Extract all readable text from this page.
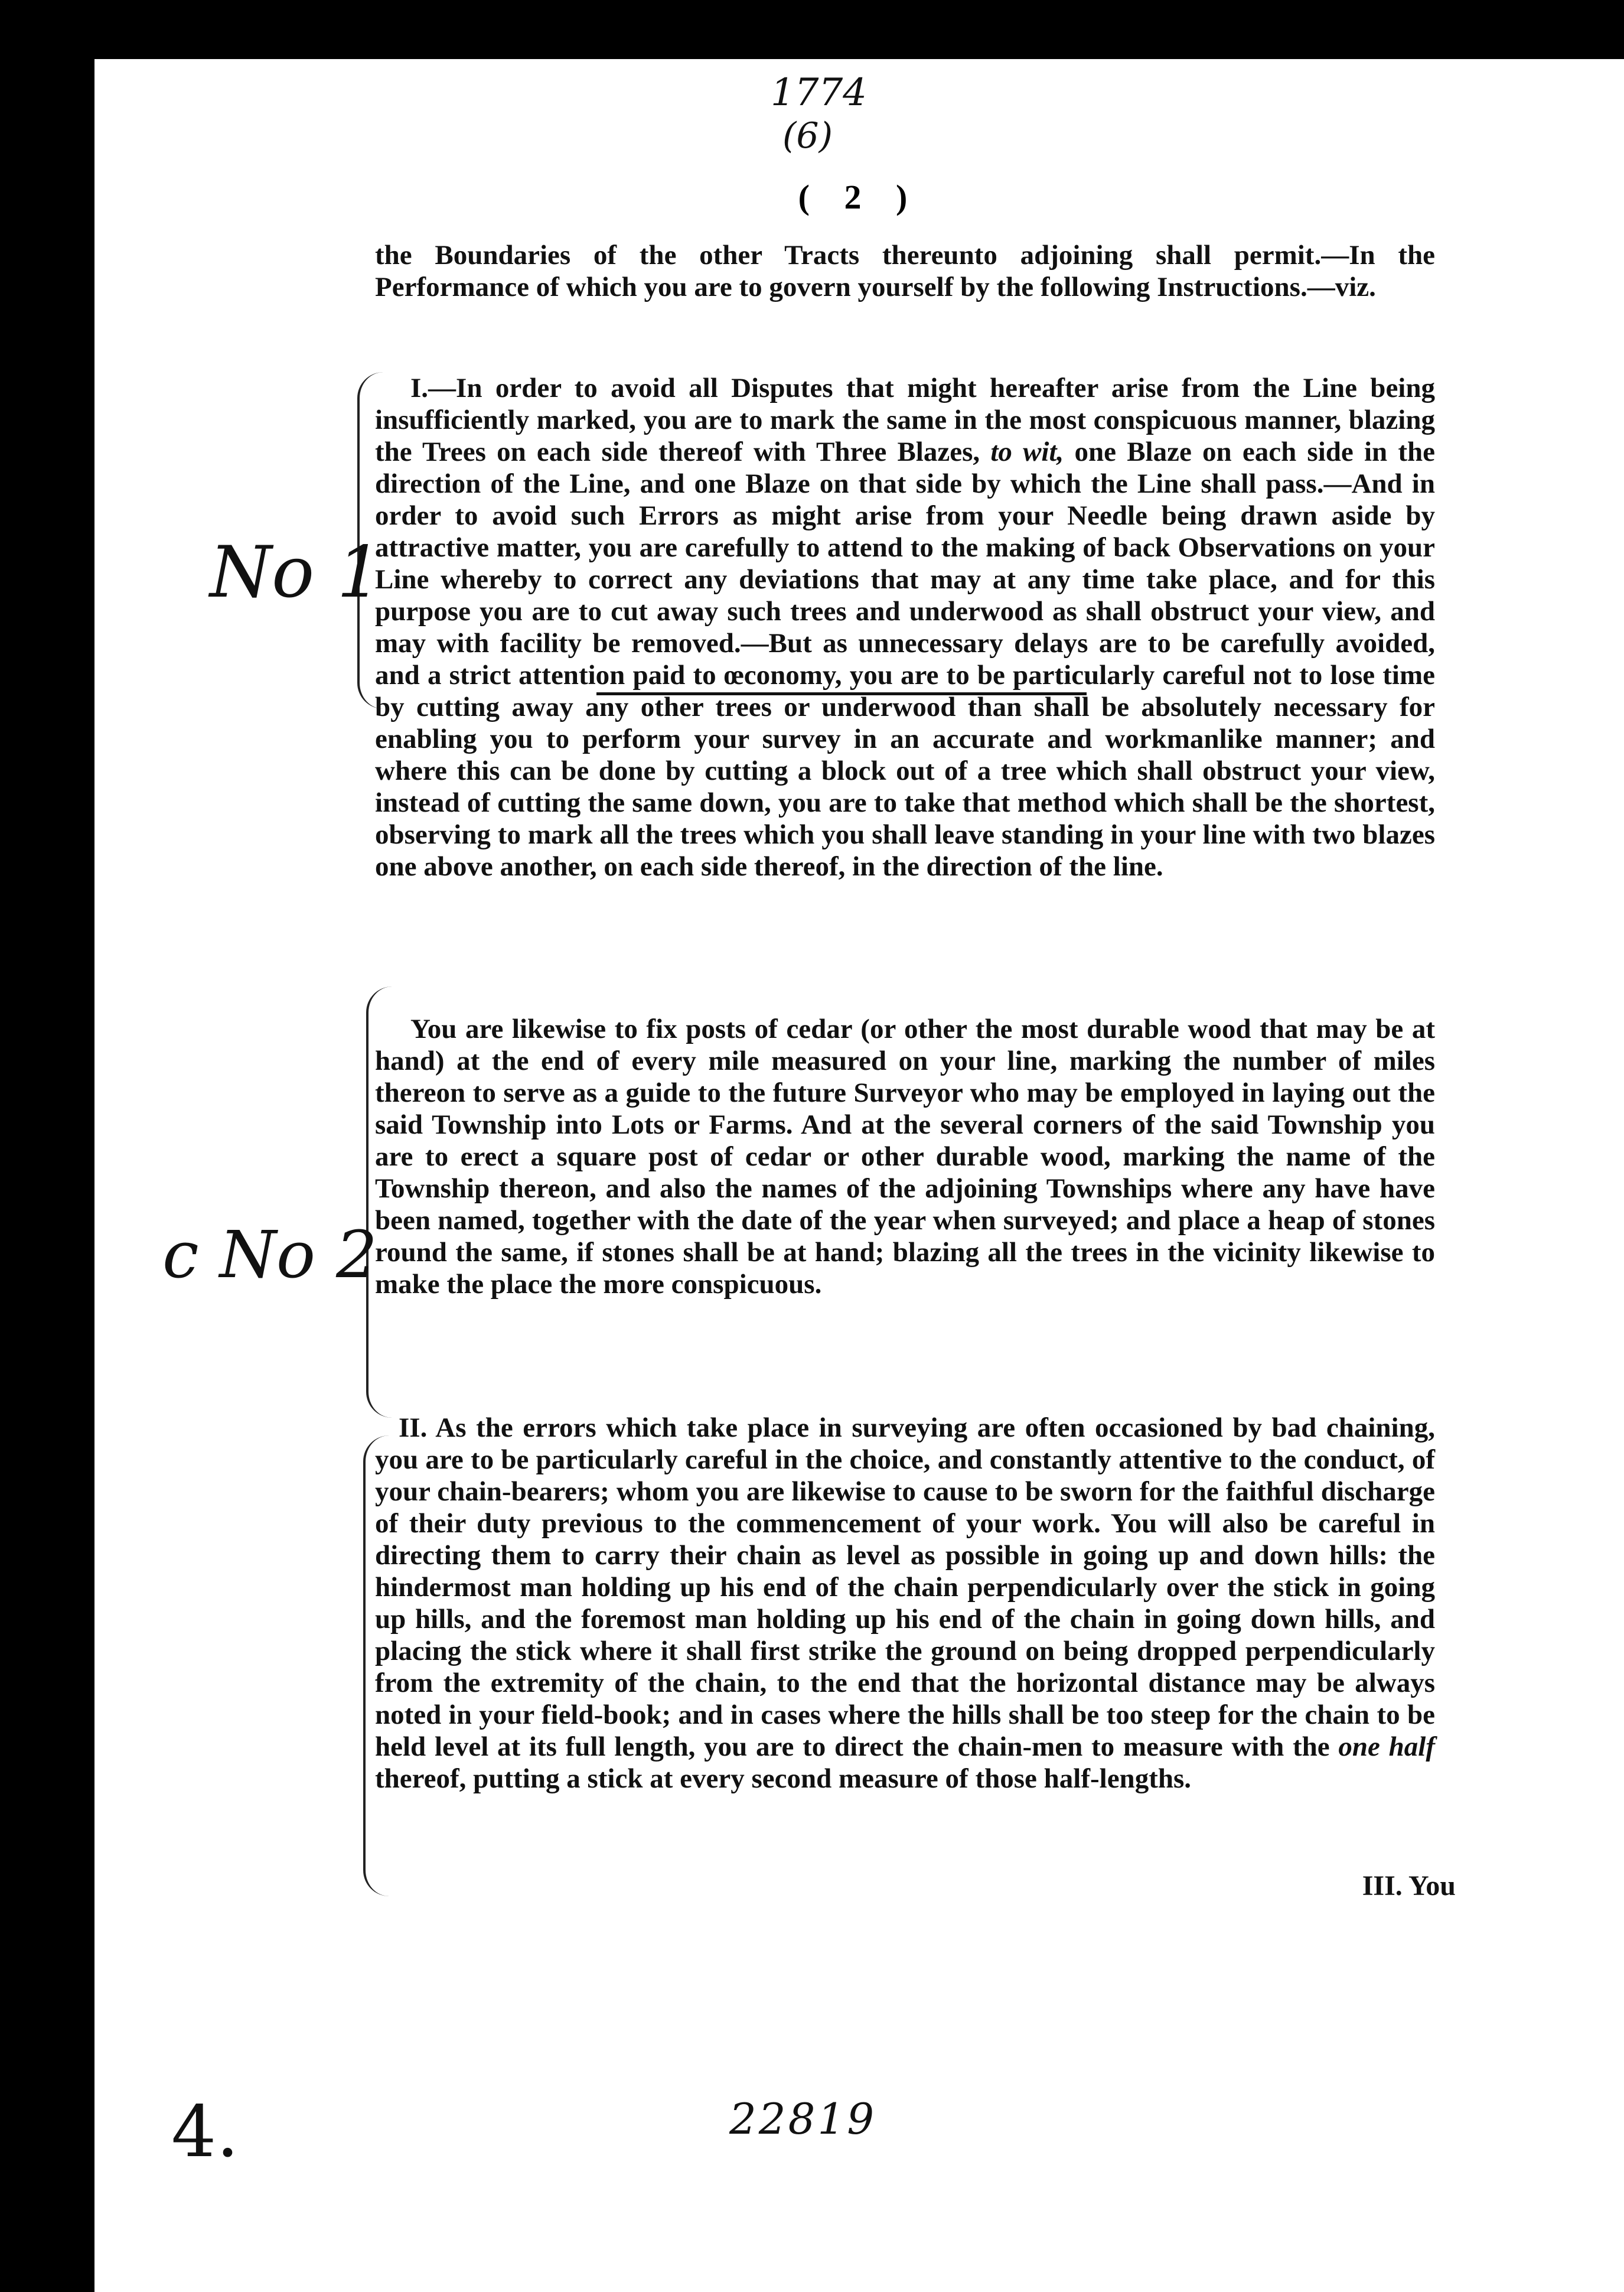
1774
(6)
( 2 )

the Boundaries of the other Tracts thereunto adjoining shall permit.—In the Performance of which you are to govern yourself by the following Instructions.—viz.

I.—In order to avoid all Disputes that might hereafter arise from the Line being insufficiently marked, you are to mark the same in the most conspicuous manner, blazing the Trees on each side thereof with Three Blazes, to wit, one Blaze on each side in the direction of the Line, and one Blaze on that side by which the Line shall pass.—And in order to avoid such Errors as might arise from your Needle being drawn aside by attractive matter, you are carefully to attend to the making of back Observations on your Line whereby to correct any deviations that may at any time take place, and for this purpose you are to cut away such trees and underwood as shall obstruct your view, and may with facility be removed.—But as unnecessary delays are to be carefully avoided, and a strict attention paid to œconomy, you are to be particularly careful not to lose time by cutting away any other trees or underwood than shall be absolutely necessary for enabling you to perform your survey in an accurate and workmanlike manner; and where this can be done by cutting a block out of a tree which shall obstruct your view, instead of cutting the same down, you are to take that method which shall be the shortest, observing to mark all the trees which you shall leave standing in your line with two blazes one above another, on each side thereof, in the direction of the line.

You are likewise to fix posts of cedar (or other the most durable wood that may be at hand) at the end of every mile measured on your line, marking the number of miles thereon to serve as a guide to the future Surveyor who may be employed in laying out the said Township into Lots or Farms. And at the several corners of the said Township you are to erect a square post of cedar or other durable wood, marking the name of the Township thereon, and also the names of the adjoining Townships where any have have been named, together with the date of the year when surveyed; and place a heap of stones round the same, if stones shall be at hand; blazing all the trees in the vicinity likewise to make the place the more conspicuous.

II. As the errors which take place in surveying are often occasioned by bad chaining, you are to be particularly careful in the choice, and constantly attentive to the conduct, of your chain-bearers; whom you are likewise to cause to be sworn for the faithful discharge of their duty previous to the commencement of your work. You will also be careful in directing them to carry their chain as level as possible in going up and down hills: the hindermost man holding up his end of the chain perpendicularly over the stick in going up hills, and the foremost man holding up his end of the chain in going down hills, and placing the stick where it shall first strike the ground on being dropped perpendicularly from the extremity of the chain, to the end that the horizontal distance may be always noted in your field-book; and in cases where the hills shall be too steep for the chain to be held level at its full length, you are to direct the chain-men to measure with the one half thereof, putting a stick at every second measure of those half-lengths.

III. You
No 1
c No 2
4.	22819
